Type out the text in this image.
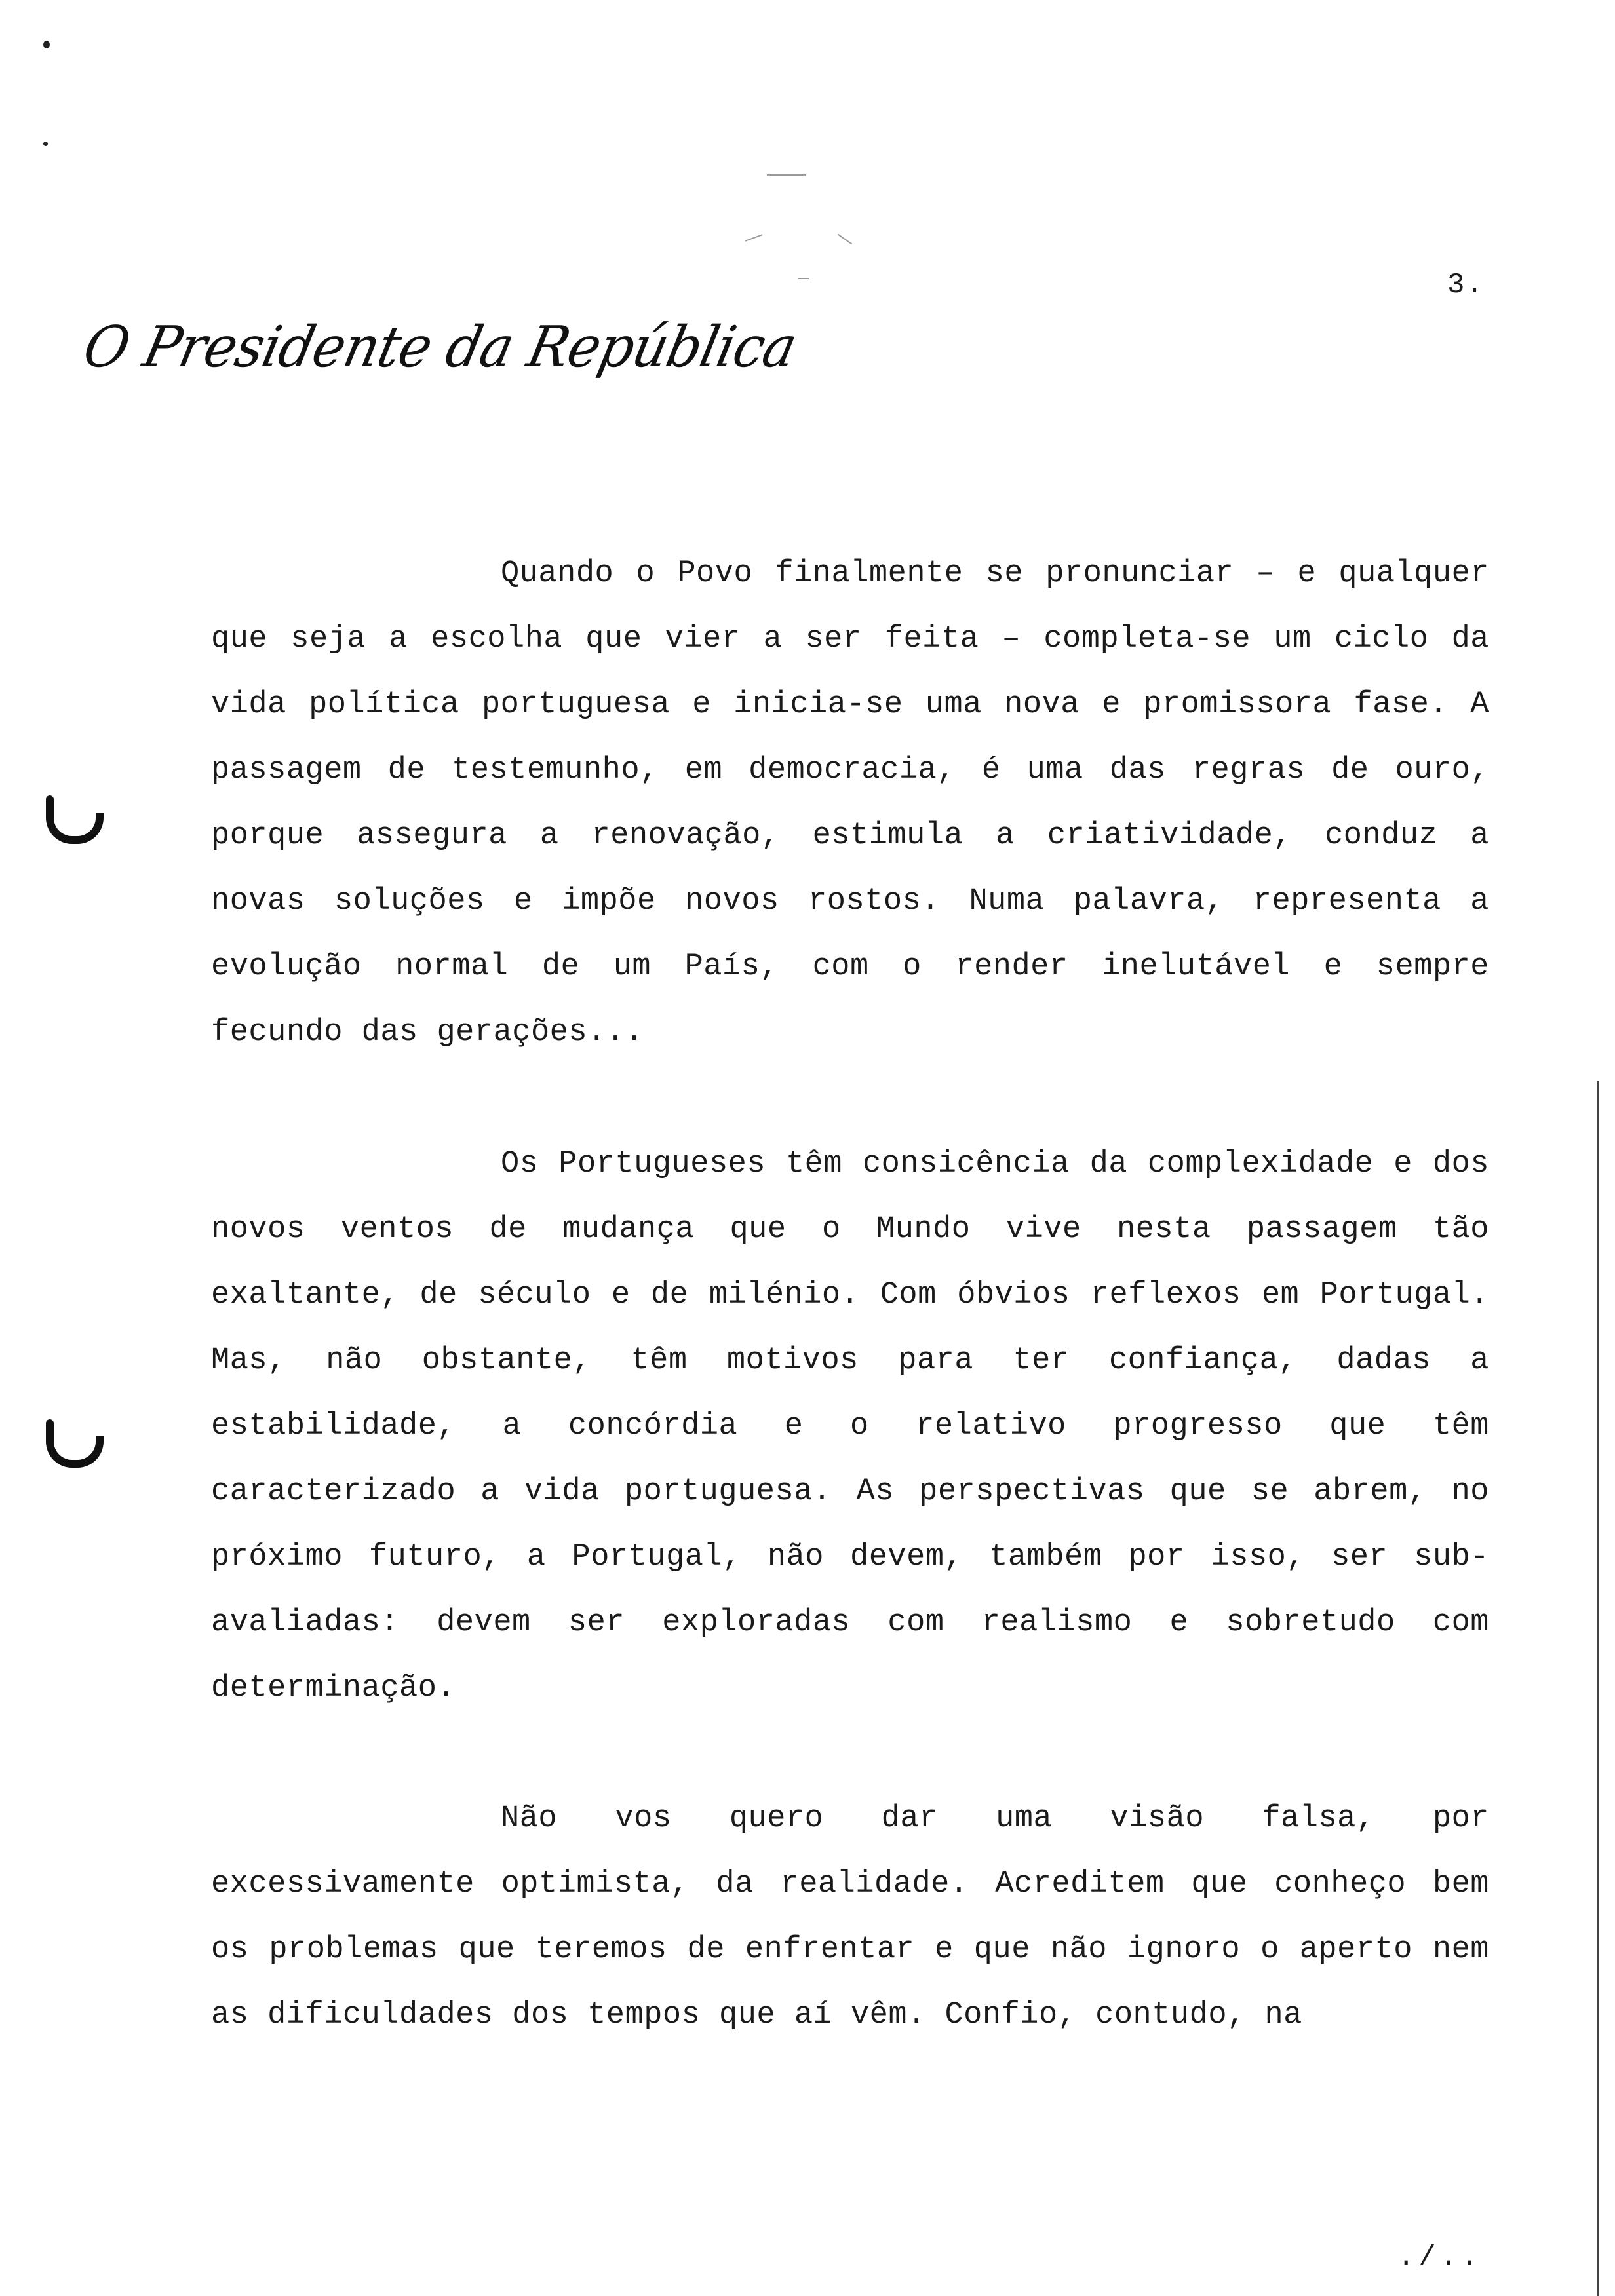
3.
O Presidente da República

Quando o Povo finalmente se pronunciar – e qualquer que seja a escolha que vier a ser feita – completa-se um ciclo da vida política portuguesa e inicia-se uma nova e promissora fase. A passagem de testemunho, em democracia, é uma das regras de ouro, porque assegura a renovação, estimula a criatividade, conduz a novas soluções e impõe novos rostos. Numa palavra, representa a evolução normal de um País, com o render inelutável e sempre fecundo das gerações...

Os Portugueses têm consicência da complexidade e dos novos ventos de mudança que o Mundo vive nesta passagem tão exaltante, de século e de milénio. Com óbvios reflexos em Portugal. Mas, não obstante, têm motivos para ter confiança, dadas a estabilidade, a concórdia e o relativo progresso que têm caracterizado a vida portuguesa. As perspectivas que se abrem, no próximo futuro, a Portugal, não devem, também por isso, ser sub-avaliadas: devem ser exploradas com realismo e sobretudo com determinação.

Não vos quero dar uma visão falsa, por excessivamente optimista, da realidade. Acreditem que conheço bem os problemas que teremos de enfrentar e que não ignoro o aperto nem as dificuldades dos tempos que aí vêm. Confio, contudo, na

./..
